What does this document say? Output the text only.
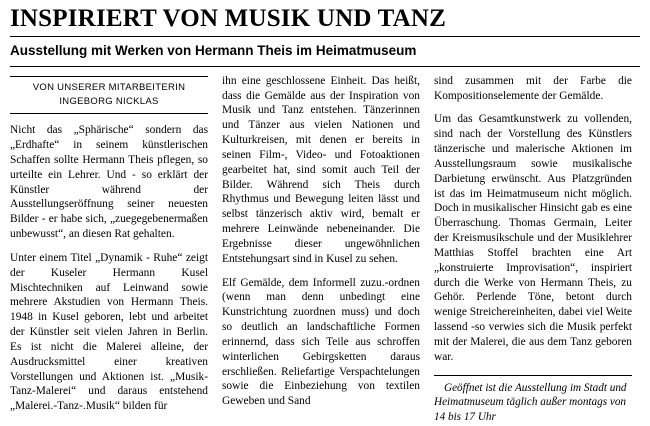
INSPIRIERT VON MUSIK UND TANZ
Ausstellung mit Werken von Hermann Theis im Heimatmuseum
VON UNSERER MITARBEITERIN
INGEBORG NICKLAS

Nicht das „Sphärische“ sondern das „Erdhafte“ in seinem künstlerischen Schaffen sollte Hermann Theis pflegen, so urteilte ein Lehrer. Und - so erklärt der Künstler während der Ausstellungseröffnung seiner neuesten Bilder - er habe sich, „zuegegebenermaßen unbewusst“, an diesen Rat gehalten.

Unter einem Titel „Dynamik - Ruhe“ zeigt der Kuseler Hermann Kusel Mischtechniken auf Leinwand sowie mehrere Akstudien von Hermann Theis. 1948 in Kusel geboren, lebt und arbeitet der Künstler seit vielen Jahren in Berlin. Es ist nicht die Malerei alleine, der Ausdrucksmittel einer kreativen Vorstellungen und Aktionen ist. „Musik-Tanz-Malerei“ und daraus entstehend „Malerei.-Tanz-.Musik“ bilden für

ihn eine geschlossene Einheit. Das heißt, dass die Gemälde aus der Inspiration von Musik und Tanz entstehen. Tänzerinnen und Tänzer aus vielen Nationen und Kulturkreisen, mit denen er bereits in seinen Film-, Video- und Fotoaktionen gearbeitet hat, sind somit auch Teil der Bilder. Während sich Theis durch Rhythmus und Bewegung leiten lässt und selbst tänzerisch aktiv wird, bemalt er mehrere Leinwände nebeneinander. Die Ergebnisse dieser ungewöhnlichen Entstehungsart sind in Kusel zu sehen.

Elf Gemälde, dem Informell zuzu.-ordnen (wenn man denn unbedingt eine Kunstrichtung zuordnen muss) und doch so deutlich an landschaftliche Formen erinnernd, dass sich Teile aus schroffen winterlichen Gebirgsketten daraus erschließen. Reliefartige Verspachtelungen sowie die Einbeziehung von textilen Geweben und Sand

sind zusammen mit der Farbe die Kompositionselemente der Gemälde.

Um das Gesamtkunstwerk zu vollenden, sind nach der Vorstellung des Künstlers tänzerische und malerische Aktionen im Ausstellungsraum sowie musikalische Darbietung erwünscht. Aus Platzgründen ist das im Heimatmuseum nicht möglich. Doch in musikalischer Hinsicht gab es eine Überraschung. Thomas Germain, Leiter der Kreismusikschule und der Musiklehrer Matthias Stoffel brachten eine Art „konstruierte Improvisation“, inspiriert durch die Werke von Hermann Theis, zu Gehör. Perlende Töne, betont durch wenige Streichereinheiten, dabei viel Weite lassend -so verwies sich die Musik perfekt mit der Malerei, die aus dem Tanz geboren war.

Geöffnet ist die Ausstellung im Stadt und Heimatmuseum täglich außer montags von 14 bis 17 Uhr
